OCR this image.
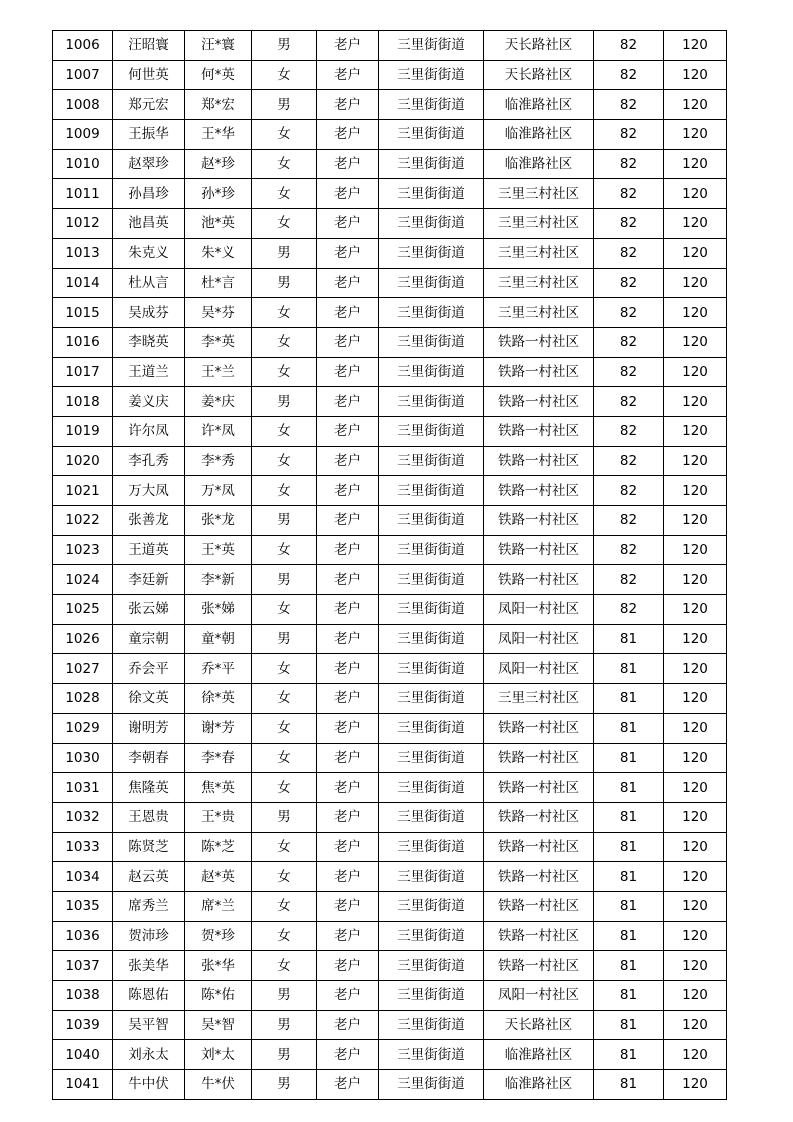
1006	汪昭寰	汪*寰	男	老户	三里街街道	天长路社区	82	120
1007	何世英	何*英	女	老户	三里街街道	天长路社区	82	120
1008	郑元宏	郑*宏	男	老户	三里街街道	临淮路社区	82	120
1009	王振华	王*华	女	老户	三里街街道	临淮路社区	82	120
1010	赵翠珍	赵*珍	女	老户	三里街街道	临淮路社区	82	120
1011	孙昌珍	孙*珍	女	老户	三里街街道	三里三村社区	82	120
1012	池昌英	池*英	女	老户	三里街街道	三里三村社区	82	120
1013	朱克义	朱*义	男	老户	三里街街道	三里三村社区	82	120
1014	杜从言	杜*言	男	老户	三里街街道	三里三村社区	82	120
1015	吴成芬	吴*芬	女	老户	三里街街道	三里三村社区	82	120
1016	李晓英	李*英	女	老户	三里街街道	铁路一村社区	82	120
1017	王道兰	王*兰	女	老户	三里街街道	铁路一村社区	82	120
1018	姜义庆	姜*庆	男	老户	三里街街道	铁路一村社区	82	120
1019	许尔凤	许*凤	女	老户	三里街街道	铁路一村社区	82	120
1020	李孔秀	李*秀	女	老户	三里街街道	铁路一村社区	82	120
1021	万大凤	万*凤	女	老户	三里街街道	铁路一村社区	82	120
1022	张善龙	张*龙	男	老户	三里街街道	铁路一村社区	82	120
1023	王道英	王*英	女	老户	三里街街道	铁路一村社区	82	120
1024	李廷新	李*新	男	老户	三里街街道	铁路一村社区	82	120
1025	张云娣	张*娣	女	老户	三里街街道	凤阳一村社区	82	120
1026	童宗朝	童*朝	男	老户	三里街街道	凤阳一村社区	81	120
1027	乔会平	乔*平	女	老户	三里街街道	凤阳一村社区	81	120
1028	徐文英	徐*英	女	老户	三里街街道	三里三村社区	81	120
1029	谢明芳	谢*芳	女	老户	三里街街道	铁路一村社区	81	120
1030	李朝春	李*春	女	老户	三里街街道	铁路一村社区	81	120
1031	焦隆英	焦*英	女	老户	三里街街道	铁路一村社区	81	120
1032	王恩贵	王*贵	男	老户	三里街街道	铁路一村社区	81	120
1033	陈贤芝	陈*芝	女	老户	三里街街道	铁路一村社区	81	120
1034	赵云英	赵*英	女	老户	三里街街道	铁路一村社区	81	120
1035	席秀兰	席*兰	女	老户	三里街街道	铁路一村社区	81	120
1036	贺沛珍	贺*珍	女	老户	三里街街道	铁路一村社区	81	120
1037	张美华	张*华	女	老户	三里街街道	铁路一村社区	81	120
1038	陈恩佑	陈*佑	男	老户	三里街街道	凤阳一村社区	81	120
1039	吴平智	吴*智	男	老户	三里街街道	天长路社区	81	120
1040	刘永太	刘*太	男	老户	三里街街道	临淮路社区	81	120
1041	牛中伏	牛*伏	男	老户	三里街街道	临淮路社区	81	120
